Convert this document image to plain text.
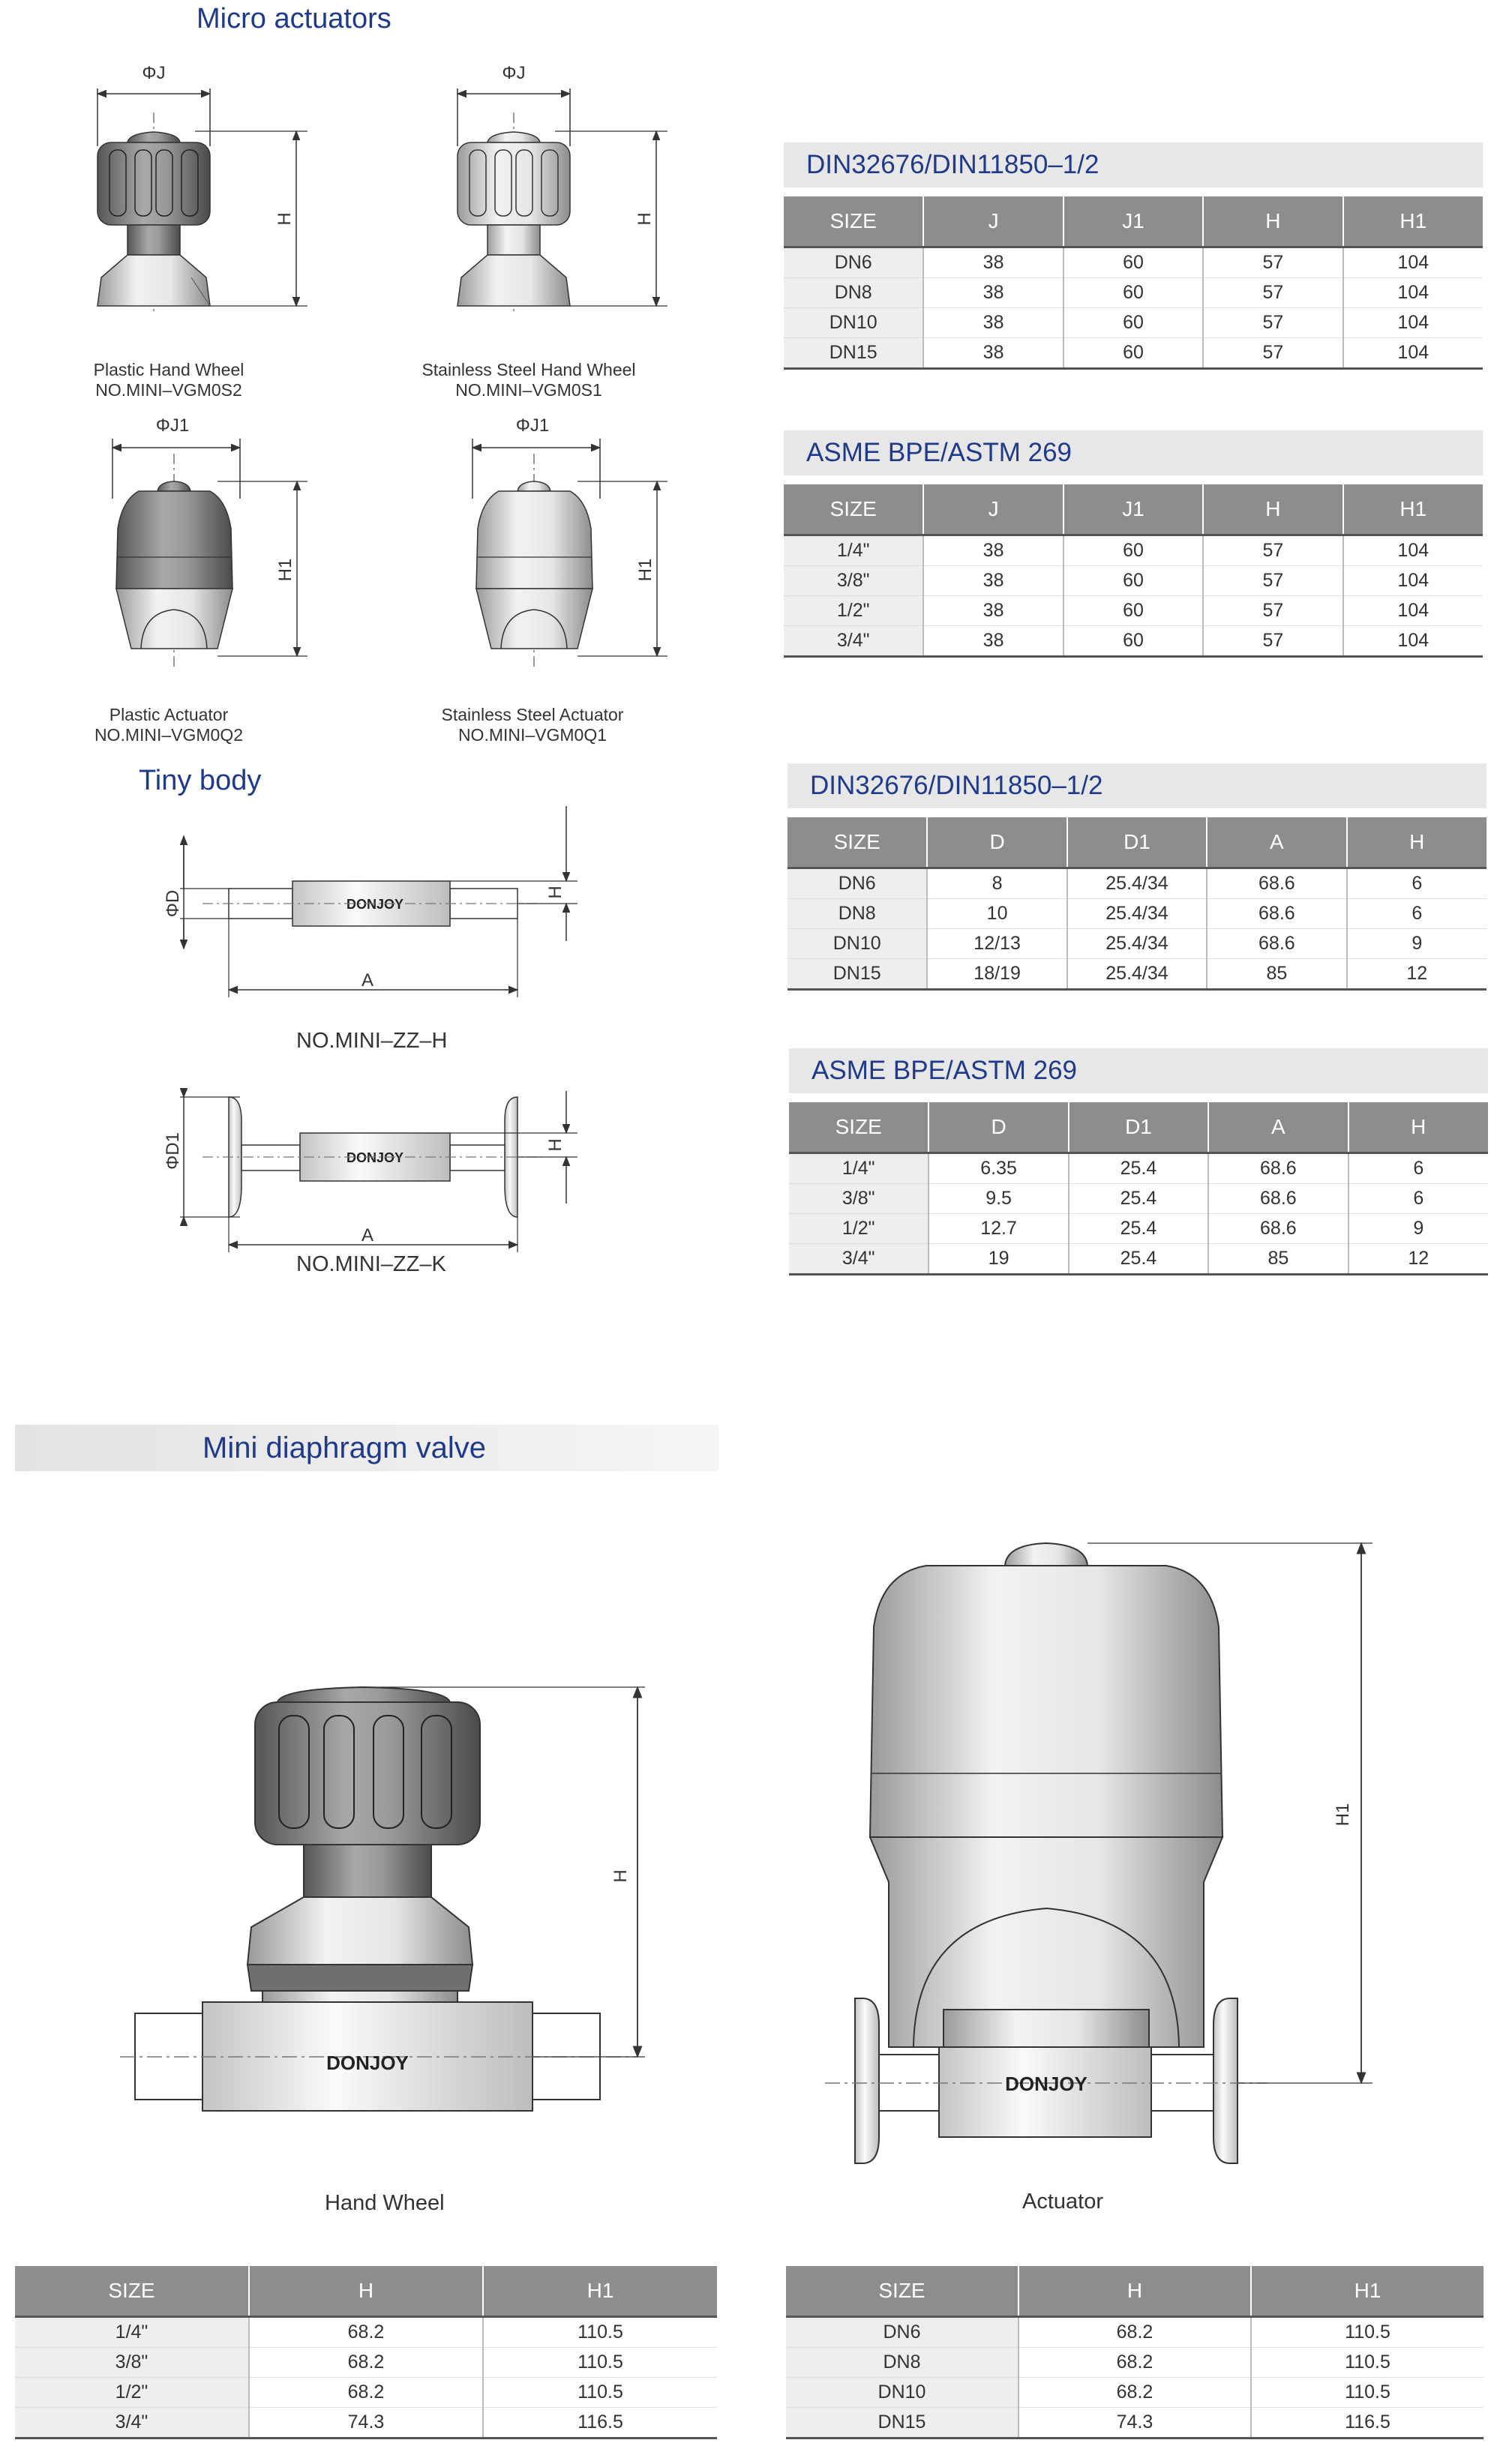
Micro actuators
ΦJ
H
Plastic Hand Wheel
NO.MINI–VGM0S2
ΦJ
H
Stainless Steel Hand Wheel
NO.MINI–VGM0S1
ΦJ1
H1
Plastic Actuator
NO.MINI–VGM0Q2
ΦJ1
H1
Stainless Steel Actuator
NO.MINI–VGM0Q1
Tiny body
ΦD	DONJOY
A
H
NO.MINI–ZZ–H
ΦD1	DONJOY
A
H
NO.MINI–ZZ–K
DIN32676/DIN11850–1/2
SIZE	J	J1	H	H1
DN6	38	60	57	104
DN8	38	60	57	104
DN10	38	60	57	104
DN15	38	60	57	104
ASME BPE/ASTM 269
SIZE	J	J1	H	H1
1/4"	38	60	57	104
3/8"	38	60	57	104
1/2"	38	60	57	104
3/4"	38	60	57	104
DIN32676/DIN11850–1/2
SIZE	D	D1	A	H
DN6	8	25.4/34	68.6	6
DN8	10	25.4/34	68.6	6
DN10	12/13	25.4/34	68.6	9
DN15	18/19	25.4/34	85	12
ASME BPE/ASTM 269
SIZE	D	D1	A	H
1/4"	6.35	25.4	68.6	6
3/8"	9.5	25.4	68.6	6
1/2"	12.7	25.4	68.6	9
3/4"	19	25.4	85	12
Mini diaphragm valve
DONJOY
H
Hand Wheel
DONJOY
H1
Actuator
SIZE	H	H1
1/4"	68.2	110.5
3/8"	68.2	110.5
1/2"	68.2	110.5
3/4"	74.3	116.5
SIZE	H	H1
DN6	68.2	110.5
DN8	68.2	110.5
DN10	68.2	110.5
DN15	74.3	116.5
